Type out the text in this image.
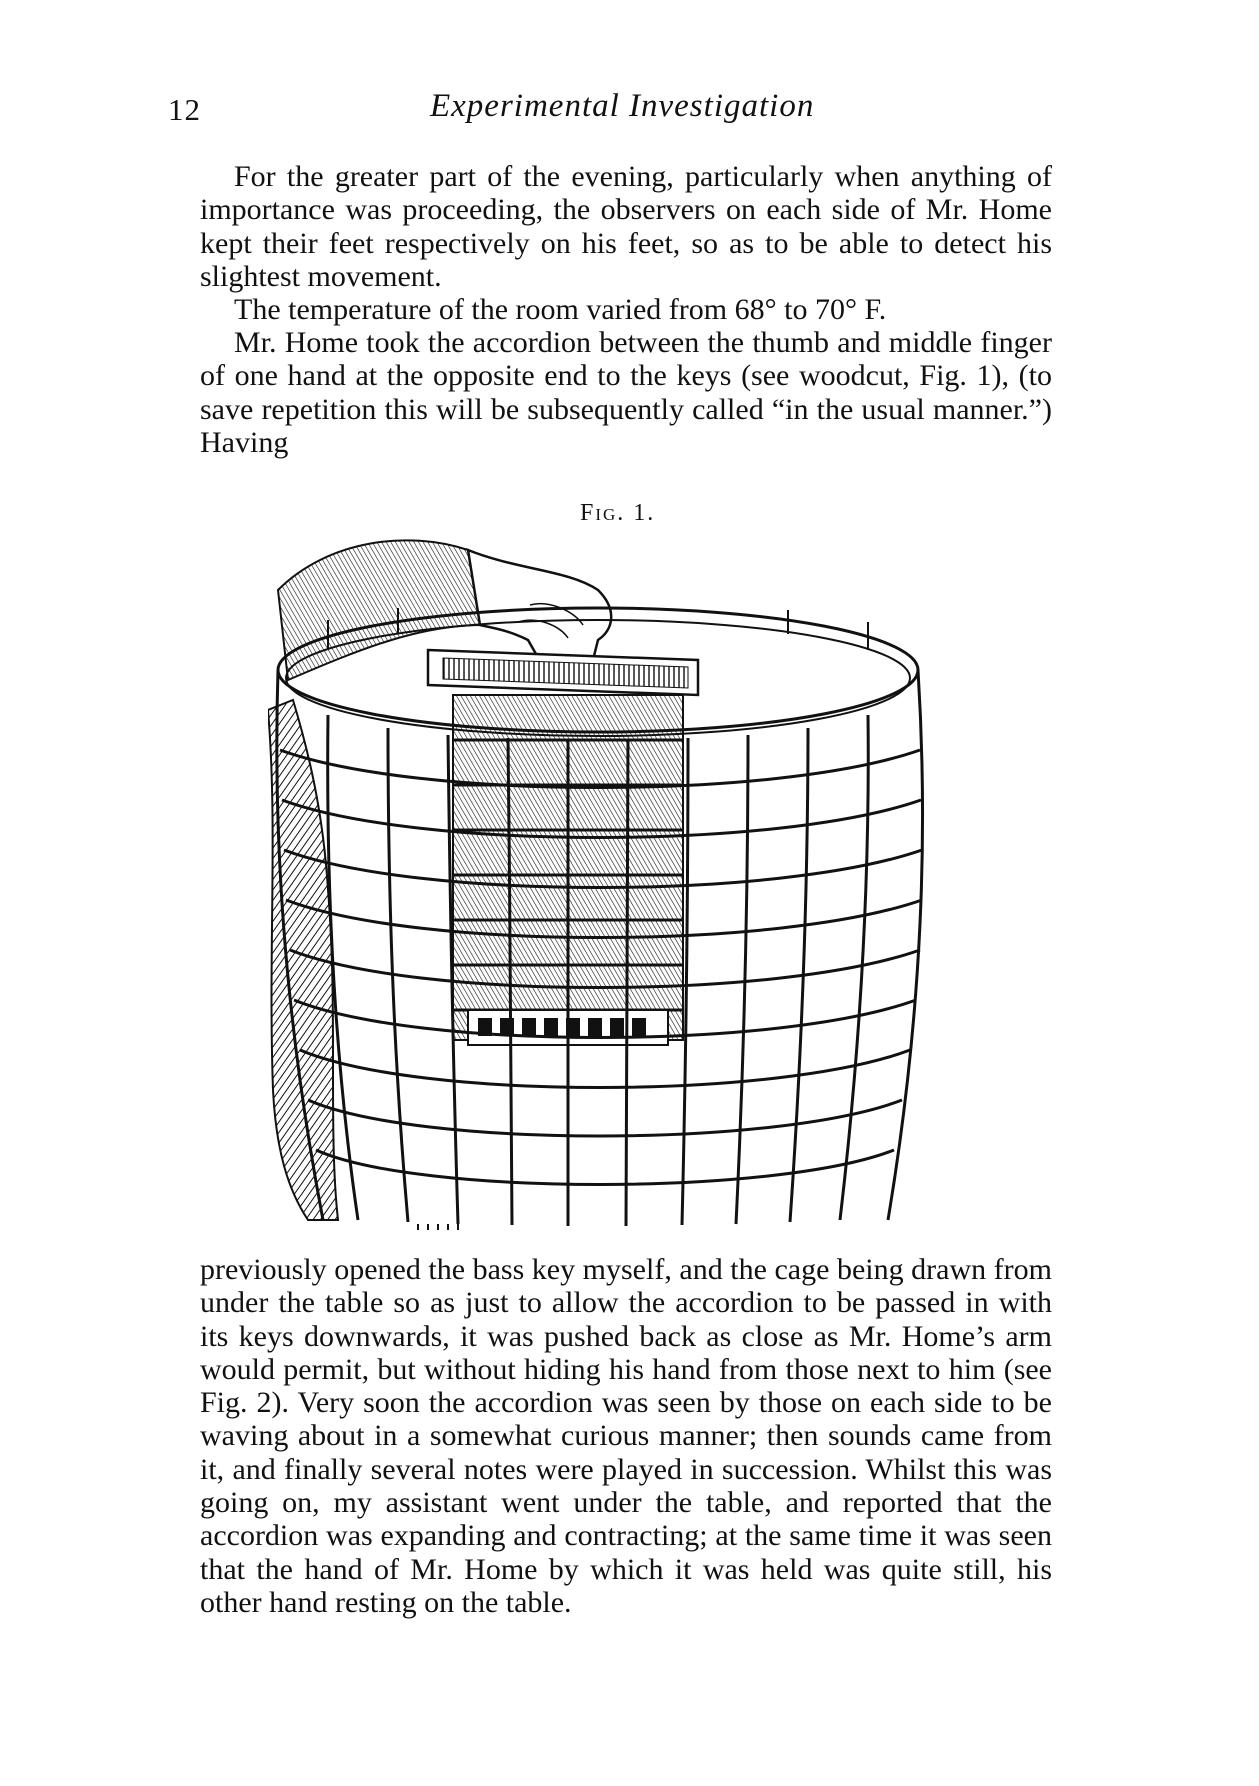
12	Experimental Investigation

For the greater part of the evening, particularly when anything of importance was proceeding, the observers on each side of Mr. Home kept their feet respectively on his feet, so as to be able to detect his slightest movement.

The temperature of the room varied from 68° to 70° F.

Mr. Home took the accordion between the thumb and middle finger of one hand at the opposite end to the keys (see woodcut, Fig. 1), (to save repetition this will be subsequently called “in the usual manner.”) Having

Fig. 1.

previously opened the bass key myself, and the cage being drawn from under the table so as just to allow the accordion to be passed in with its keys downwards, it was pushed back as close as Mr. Home’s arm would permit, but without hiding his hand from those next to him (see Fig. 2). Very soon the accordion was seen by those on each side to be waving about in a somewhat curious manner; then sounds came from it, and finally several notes were played in succession. Whilst this was going on, my assistant went under the table, and reported that the accordion was expanding and contracting; at the same time it was seen that the hand of Mr. Home by which it was held was quite still, his other hand resting on the table.
